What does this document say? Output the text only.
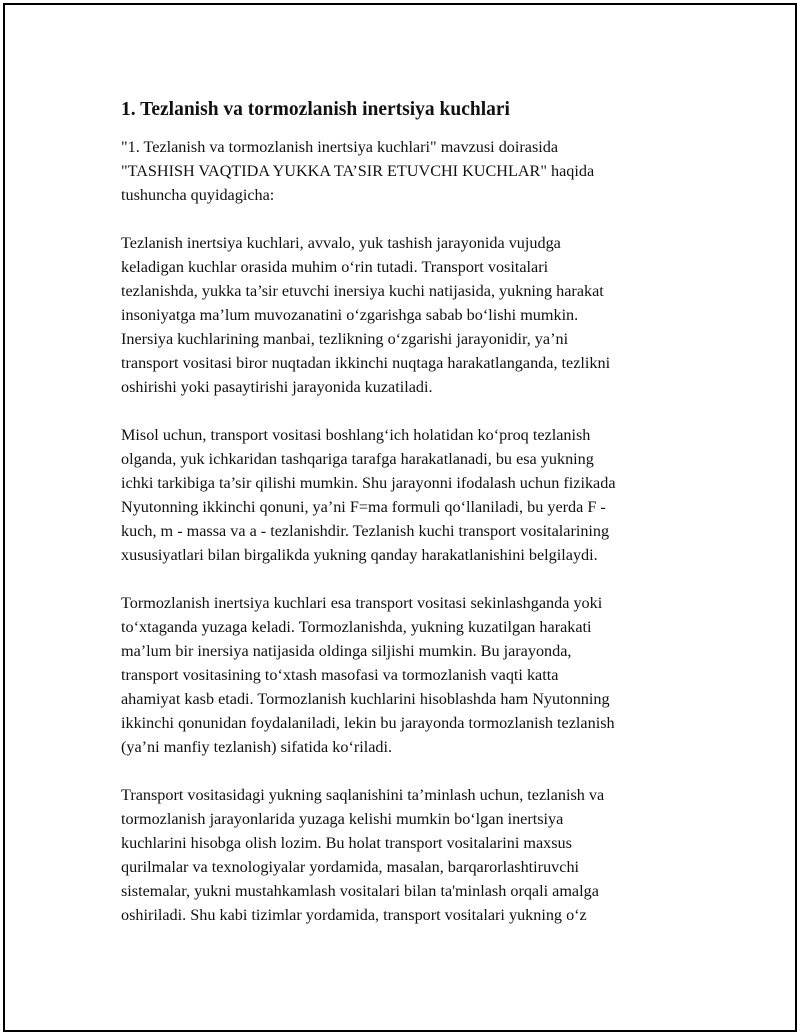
1. Tezlanish va tormozlanish inertsiya kuchlari

"1. Tezlanish va tormozlanish inertsiya kuchlari" mavzusi doirasida
"TASHISH VAQTIDA YUKKA TA’SIR ETUVCHI KUCHLAR" haqida
tushuncha quyidagicha:

Tezlanish inertsiya kuchlari, avvalo, yuk tashish jarayonida vujudga
keladigan kuchlar orasida muhim o‘rin tutadi. Transport vositalari
tezlanishda, yukka ta’sir etuvchi inersiya kuchi natijasida, yukning harakat
insoniyatga ma’lum muvozanatini o‘zgarishga sabab bo‘lishi mumkin.
Inersiya kuchlarining manbai, tezlikning o‘zgarishi jarayonidir, ya’ni
transport vositasi biror nuqtadan ikkinchi nuqtaga harakatlanganda, tezlikni
oshirishi yoki pasaytirishi jarayonida kuzatiladi.

Misol uchun, transport vositasi boshlang‘ich holatidan ko‘proq tezlanish
olganda, yuk ichkaridan tashqariga tarafga harakatlanadi, bu esa yukning
ichki tarkibiga ta’sir qilishi mumkin. Shu jarayonni ifodalash uchun fizikada
Nyutonning ikkinchi qonuni, ya’ni F=ma formuli qo‘llaniladi, bu yerda F -
kuch, m - massa va a - tezlanishdir. Tezlanish kuchi transport vositalarining
xususiyatlari bilan birgalikda yukning qanday harakatlanishini belgilaydi.

Tormozlanish inertsiya kuchlari esa transport vositasi sekinlashganda yoki
to‘xtaganda yuzaga keladi. Tormozlanishda, yukning kuzatilgan harakati
ma’lum bir inersiya natijasida oldinga siljishi mumkin. Bu jarayonda,
transport vositasining to‘xtash masofasi va tormozlanish vaqti katta
ahamiyat kasb etadi. Tormozlanish kuchlarini hisoblashda ham Nyutonning
ikkinchi qonunidan foydalaniladi, lekin bu jarayonda tormozlanish tezlanish
(ya’ni manfiy tezlanish) sifatida ko‘riladi.

Transport vositasidagi yukning saqlanishini ta’minlash uchun, tezlanish va
tormozlanish jarayonlarida yuzaga kelishi mumkin bo‘lgan inertsiya
kuchlarini hisobga olish lozim. Bu holat transport vositalarini maxsus
qurilmalar va texnologiyalar yordamida, masalan, barqarorlashtiruvchi
sistemalar, yukni mustahkamlash vositalari bilan ta'minlash orqali amalga
oshiriladi. Shu kabi tizimlar yordamida, transport vositalari yukning o‘z
